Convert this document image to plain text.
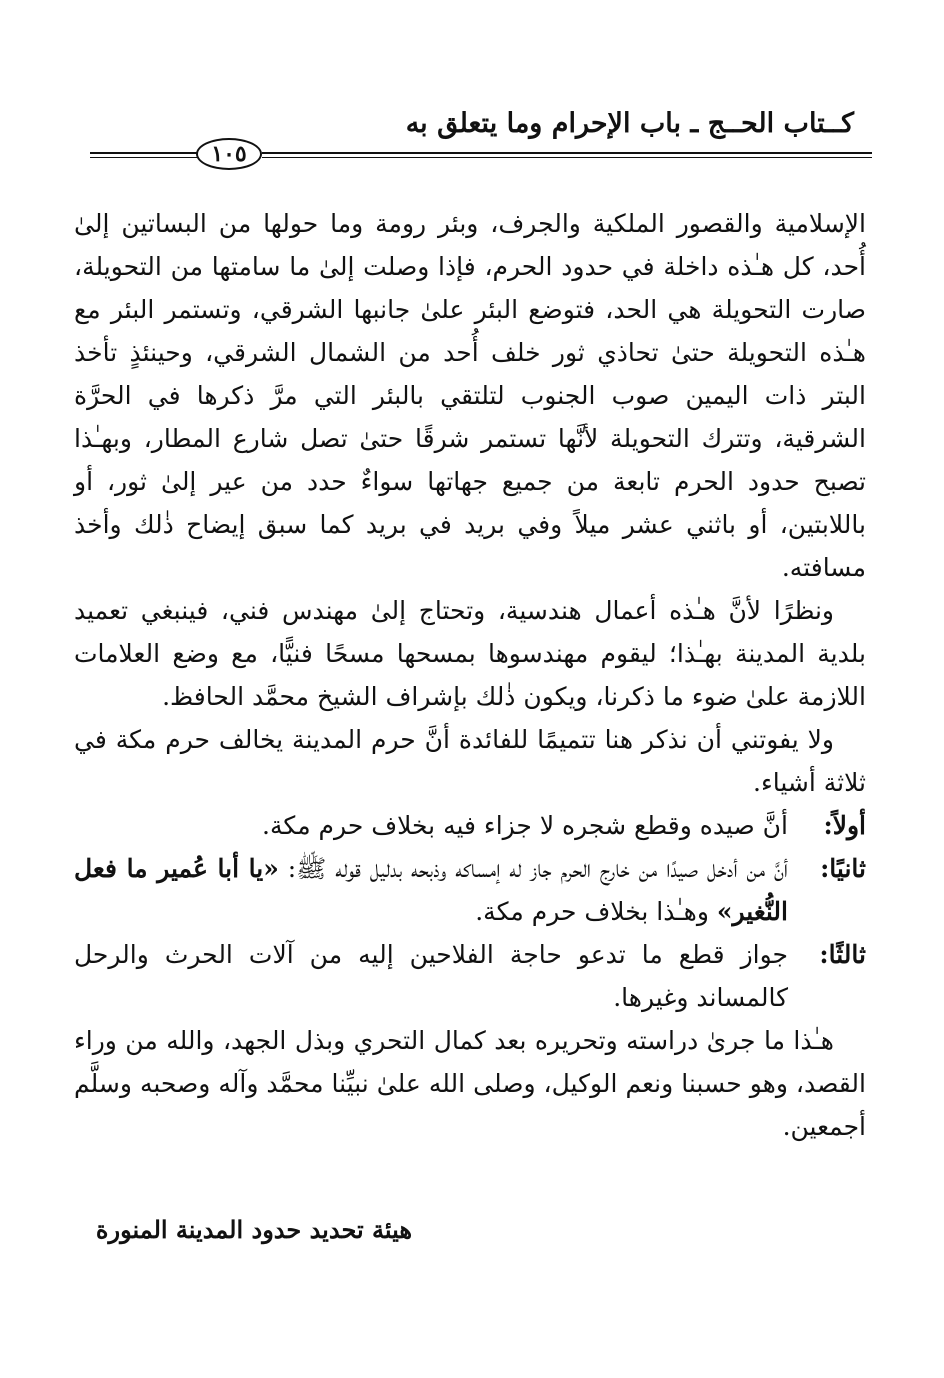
كــتاب الحــج ـ باب الإحرام وما يتعلق به
١٠٥

الإسلامية والقصور الملكية والجرف، وبئر رومة وما حولها من البساتين إلىٰ أُحد، كل هـٰذه داخلة في حدود الحرم، فإذا وصلت إلىٰ ما سامتها من التحويلة، صارت التحويلة هي الحد، فتوضع البئر علىٰ جانبها الشرقي، وتستمر البئر مع هـٰذه التحويلة حتىٰ تحاذي ثور خلف أُحد من الشمال الشرقي، وحينئذٍ تأخذ البتر ذات اليمين صوب الجنوب لتلتقي بالبئر التي مرَّ ذكرها في الحرَّة الشرقية، وتترك التحويلة لأنَّها تستمر شرقًا حتىٰ تصل شارع المطار، وبهـٰذا تصبح حدود الحرم تابعة من جميع جهاتها سواءٌ حدد من عير إلىٰ ثور، أو باللابتين، أو باثني عشر ميلاً وفي بريد في بريد كما سبق إيضاح ذٰلك وأخذ مسافته.

ونظرًا لأنَّ هـٰذه أعمال هندسية، وتحتاج إلىٰ مهندس فني، فينبغي تعميد بلدية المدينة بهـٰذا؛ ليقوم مهندسوها بمسحها مسحًا فنيًّا، مع وضع العلامات اللازمة علىٰ ضوء ما ذكرنا، ويكون ذٰلك بإشراف الشيخ محمَّد الحافظ.

ولا يفوتني أن نذكر هنا تتميمًا للفائدة أنَّ حرم المدينة يخالف حرم مكة في ثلاثة أشياء.

أولاً:
أنَّ صيده وقطع شجره لا جزاء فيه بخلاف حرم مكة.

ثانيًا:
أنَّ من أدخل صيدًا من خارج الحرم جاز له إمساكه وذبحه بدليل قوله ﷺ: «يا أبا عُمير ما فعل النُّغير» وهـٰذا بخلاف حرم مكة.

ثالثًا:
جواز قطع ما تدعو حاجة الفلاحين إليه من آلات الحرث والرحل كالمساند وغيرها.

هـٰذا ما جرىٰ دراسته وتحريره بعد كمال التحري وبذل الجهد، والله من وراء القصد، وهو حسبنا ونعم الوكيل، وصلى الله علىٰ نبيِّنا محمَّد وآله وصحبه وسلَّم أجمعين.

هيئة تحديد حدود المدينة المنورة
